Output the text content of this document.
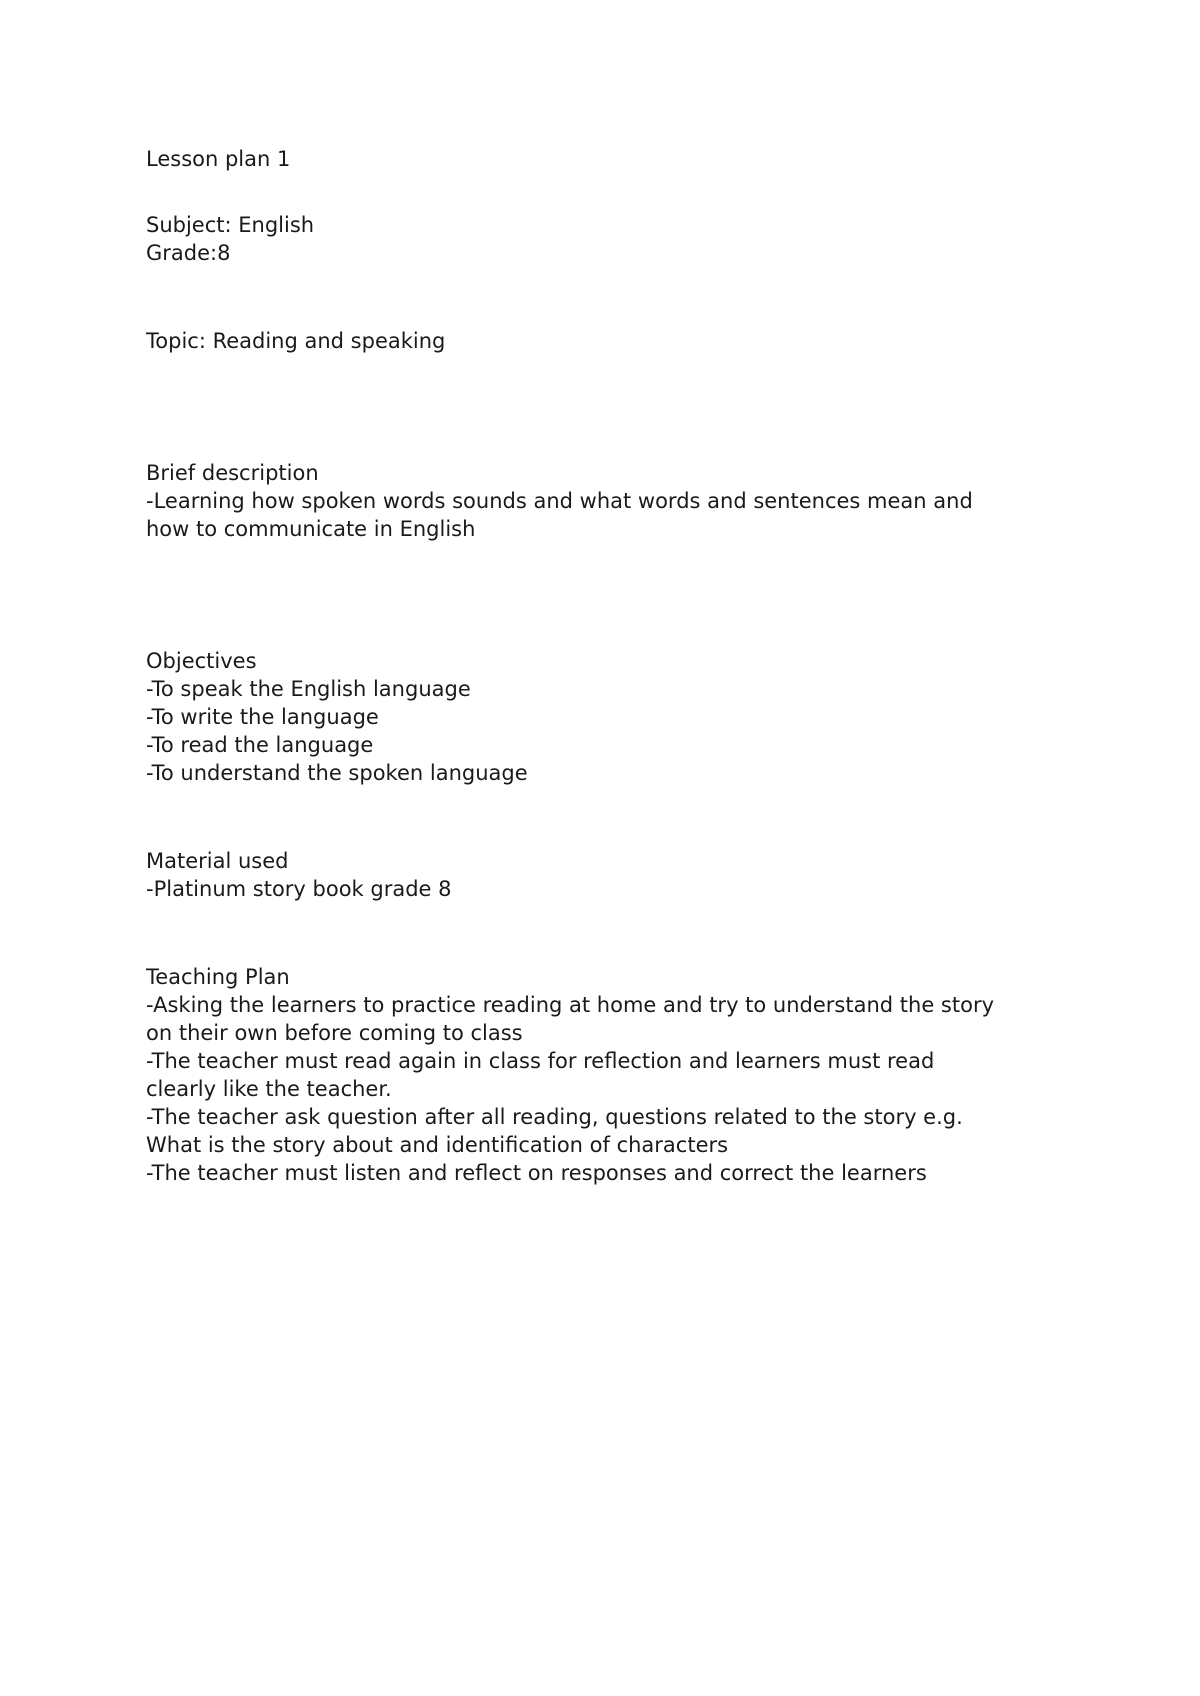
Lesson plan 1
Subject: English
Grade:8
Topic: Reading and speaking
Brief description
-Learning how spoken words sounds and what words and sentences mean and
how to communicate in English
Objectives
-To speak the English language
-To write the language
-To read the language
-To understand the spoken language
Material used
-Platinum story book grade 8
Teaching Plan
-Asking the learners to practice reading at home and try to understand the story
on their own before coming to class
-The teacher must read again in class for reflection and learners must read
clearly like the teacher.
-The teacher ask question after all reading, questions related to the story e.g.
What is the story about and identification of characters
-The teacher must listen and reflect on responses and correct the learners
